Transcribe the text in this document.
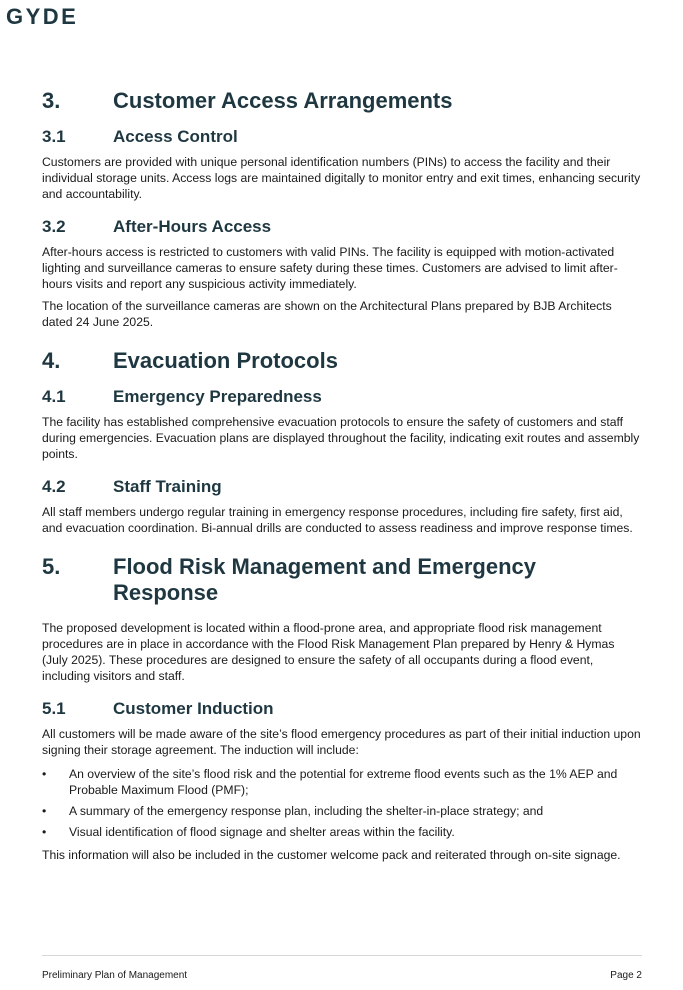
GYDE
3.	Customer Access Arrangements
3.1	Access Control

Customers are provided with unique personal identification numbers (PINs) to access the facility and their individual storage units. Access logs are maintained digitally to monitor entry and exit times, enhancing security and accountability.

3.2	After-Hours Access

After-hours access is restricted to customers with valid PINs. The facility is equipped with motion-activated lighting and surveillance cameras to ensure safety during these times. Customers are advised to limit after-hours visits and report any suspicious activity immediately.

The location of the surveillance cameras are shown on the Architectural Plans prepared by BJB Architects dated 24 June 2025.

4.	Evacuation Protocols
4.1	Emergency Preparedness

The facility has established comprehensive evacuation protocols to ensure the safety of customers and staff during emergencies. Evacuation plans are displayed throughout the facility, indicating exit routes and assembly points.

4.2	Staff Training

All staff members undergo regular training in emergency response procedures, including fire safety, first aid, and evacuation coordination. Bi-annual drills are conducted to assess readiness and improve response times.

5.	Flood Risk Management and Emergency
Response

The proposed development is located within a flood-prone area, and appropriate flood risk management procedures are in place in accordance with the Flood Risk Management Plan prepared by Henry & Hymas (July 2025). These procedures are designed to ensure the safety of all occupants during a flood event, including visitors and staff.

5.1	Customer Induction

All customers will be made aware of the site’s flood emergency procedures as part of their initial induction upon signing their storage agreement. The induction will include:

• An overview of the site’s flood risk and the potential for extreme flood events such as the 1% AEP and Probable Maximum Flood (PMF);
• A summary of the emergency response plan, including the shelter-in-place strategy; and
• Visual identification of flood signage and shelter areas within the facility.

This information will also be included in the customer welcome pack and reiterated through on-site signage.

Preliminary Plan of Management	Page 2
